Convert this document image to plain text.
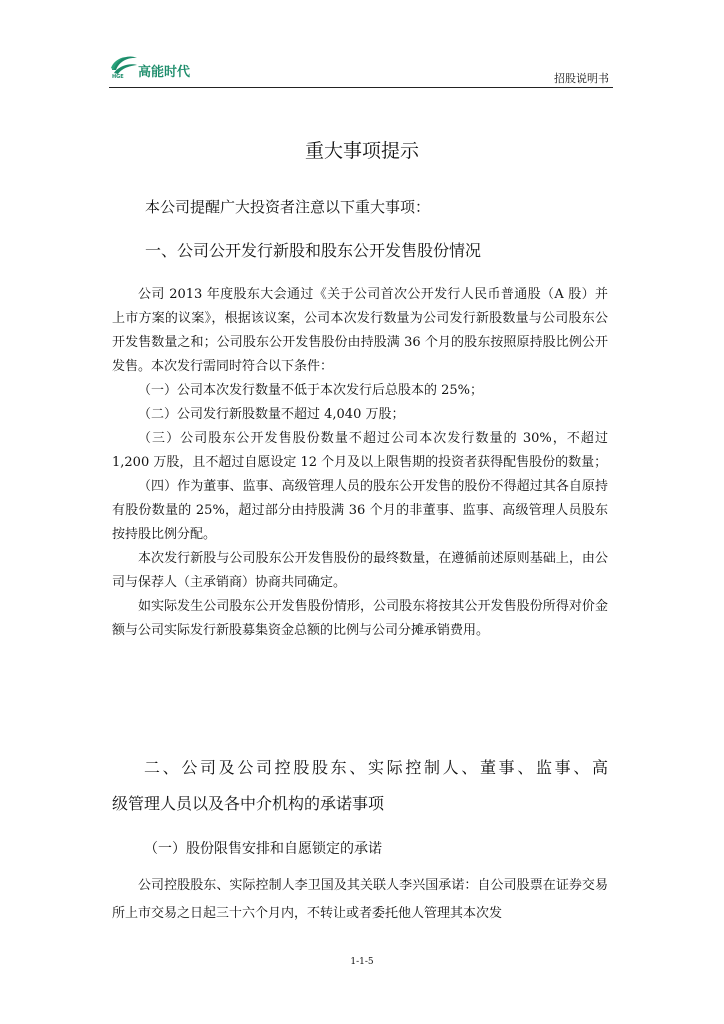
HGE 高能时代	招股说明书
重大事项提示
本公司提醒广大投资者注意以下重大事项：
一、公司公开发行新股和股东公开发售股份情况

公司 2013 年度股东大会通过《关于公司首次公开发行人民币普通股（A 股）并上市方案的议案》，根据该议案，公司本次发行数量为公司发行新股数量与公司股东公开发售数量之和；公司股东公开发售股份由持股满 36 个月的股东按照原持股比例公开发售。本次发行需同时符合以下条件：

（一）公司本次发行数量不低于本次发行后总股本的 25%；

（二）公司发行新股数量不超过 4,040 万股；

（三）公司股东公开发售股份数量不超过公司本次发行数量的 30%，不超过 1,200 万股，且不超过自愿设定 12 个月及以上限售期的投资者获得配售股份的数量；

（四）作为董事、监事、高级管理人员的股东公开发售的股份不得超过其各自原持有股份数量的 25%，超过部分由持股满 36 个月的非董事、监事、高级管理人员股东按持股比例分配。

本次发行新股与公司股东公开发售股份的最终数量，在遵循前述原则基础上，由公司与保荐人（主承销商）协商共同确定。

如实际发生公司股东公开发售股份情形，公司股东将按其公开发售股份所得对价金额与公司实际发行新股募集资金总额的比例与公司分摊承销费用。

二、公司及公司控股股东、实际控制人、董事、监事、高

级管理人员以及各中介机构的承诺事项

（一）股份限售安排和自愿锁定的承诺

公司控股股东、实际控制人李卫国及其关联人李兴国承诺：自公司股票在证券交易所上市交易之日起三十六个月内，不转让或者委托他人管理其本次发

1-1-5
